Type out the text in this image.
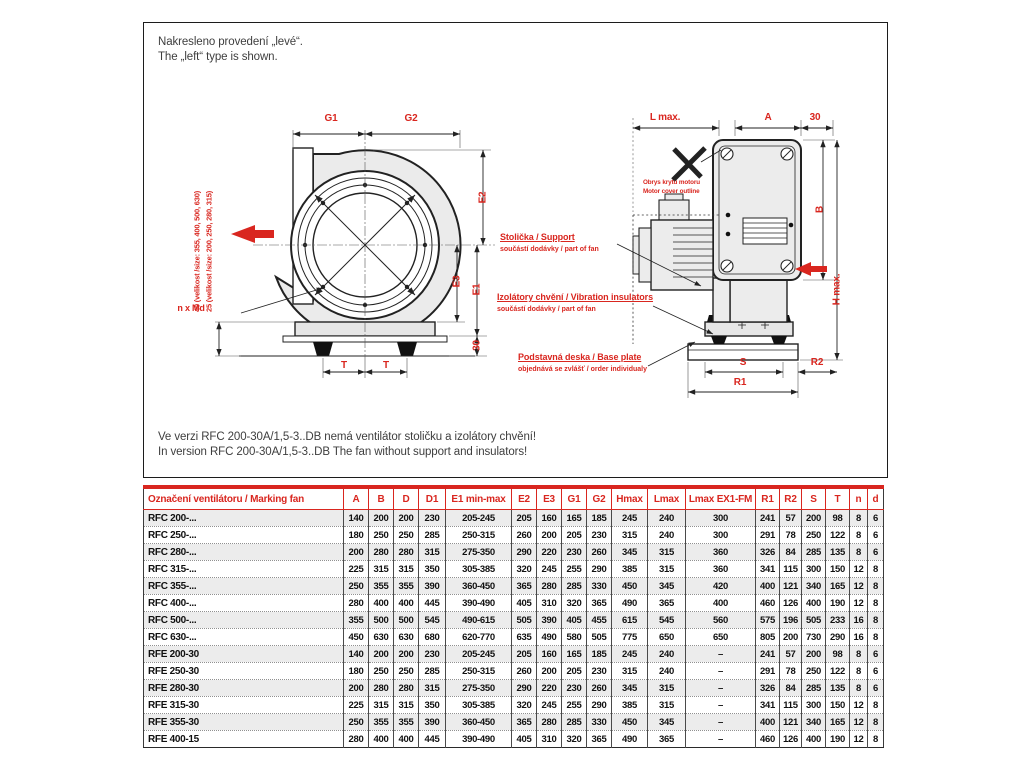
Nakresleno provedení „levé“.
The „left“ type is shown.
G1	G2
E2
E3
E1
30
T	T
n x Md
40 (velikost /size: 355, 400, 500, 630) 25 (velikost /size: 200, 250, 280, 315)
L max.	A	30
B
H max.
S	R2
R1
Obrys krytu motoru
Motor cover outline
Stolička / Support
součástí dodávky / part of fan
Izolátory chvění / Vibration insulators
součástí dodávky / part of fan
Podstavná deska / Base plate
objednává se zvlášť / order individualy
Ve verzi RFC 200-30A/1,5-3..DB nemá ventilátor stoličku a izolátory chvění!
In version RFC 200-30A/1,5-3..DB The fan without support and insulators!
Označení ventilátoru / Marking fan	A	B	D	D1	E1 min-max	E2	E3	G1	G2	Hmax	Lmax	Lmax EX1-FM	R1	R2	S	T	n	d
RFC 200-...	140	200	200	230	205-245	205	160	165	185	245	240	300	241	57	200	98	8	6
RFC 250-...	180	250	250	285	250-315	260	200	205	230	315	240	300	291	78	250	122	8	6
RFC 280-...	200	280	280	315	275-350	290	220	230	260	345	315	360	326	84	285	135	8	6
RFC 315-...	225	315	315	350	305-385	320	245	255	290	385	315	360	341	115	300	150	12	8
RFC 355-...	250	355	355	390	360-450	365	280	285	330	450	345	420	400	121	340	165	12	8
RFC 400-...	280	400	400	445	390-490	405	310	320	365	490	365	400	460	126	400	190	12	8
RFC 500-...	355	500	500	545	490-615	505	390	405	455	615	545	560	575	196	505	233	16	8
RFC 630-...	450	630	630	680	620-770	635	490	580	505	775	650	650	805	200	730	290	16	8
RFE 200-30	140	200	200	230	205-245	205	160	165	185	245	240	–	241	57	200	98	8	6
RFE 250-30	180	250	250	285	250-315	260	200	205	230	315	240	–	291	78	250	122	8	6
RFE 280-30	200	280	280	315	275-350	290	220	230	260	345	315	–	326	84	285	135	8	6
RFE 315-30	225	315	315	350	305-385	320	245	255	290	385	315	–	341	115	300	150	12	8
RFE 355-30	250	355	355	390	360-450	365	280	285	330	450	345	–	400	121	340	165	12	8
RFE 400-15	280	400	400	445	390-490	405	310	320	365	490	365	–	460	126	400	190	12	8
